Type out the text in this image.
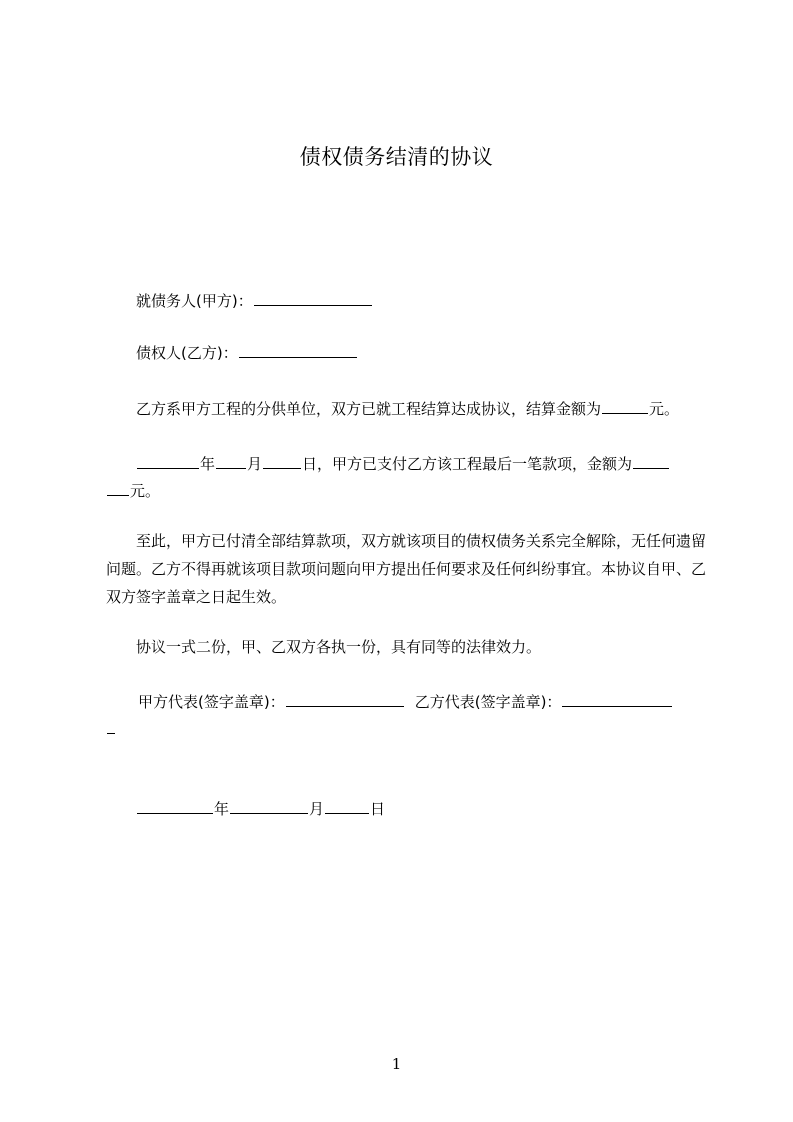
债权债务结清的协议
就债务人(甲方)：
债权人(乙方)：
乙方系甲方工程的分供单位，双方已就工程结算达成协议，结算金额为	元。
年 月	日，甲方已支付乙方该工程最后一笔款项，金额为
元。
至此，甲方已付清全部结算款项，双方就该项目的债权债务关系完全解除，无任何遗留问题。乙方不得再就该项目款项问题向甲方提出任何要求及任何纠纷事宜。本协议自甲、乙双方签字盖章之日起生效。
协议一式二份，甲、乙双方各执一份，具有同等的法律效力。
甲方代表(签字盖章)：	乙方代表(签字盖章)：
年	月	日
1
